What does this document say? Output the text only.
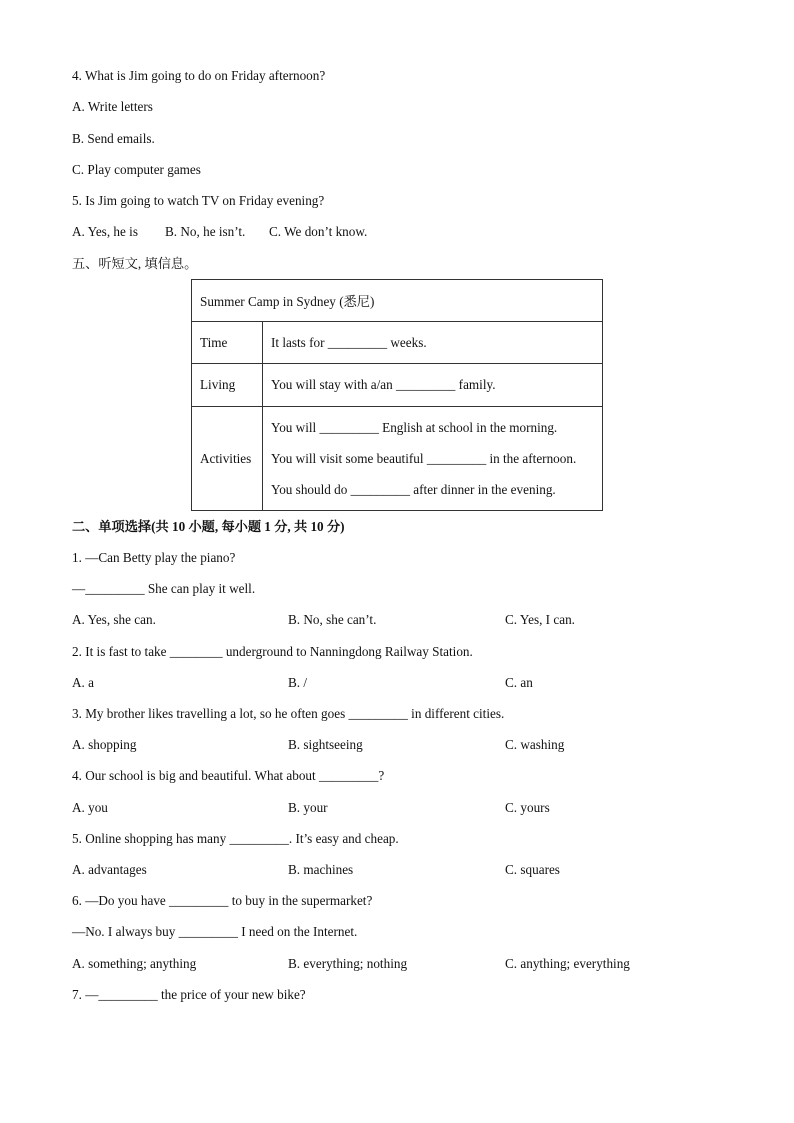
4. What is Jim going to do on Friday afternoon?
A. Write letters
B. Send emails.
C. Play computer games
5. Is Jim going to watch TV on Friday evening?
A. Yes, he is B. No, he isn’t. C. We don’t know.
五、听短文, 填信息。
Summer Camp in Sydney (悉尼)	
Time	It lasts for _________ weeks.
Living	You will stay with a/an _________ family.
Activities	You will _________ English at school in the morning.
You will visit some beautiful _________ in the afternoon.
You should do _________ after dinner in the evening.
二、单项选择(共 10 小题, 每小题 1 分, 共 10 分)
1. —Can Betty play the piano?
—_________ She can play it well.
A. Yes, she can.	B. No, she can’t.	C. Yes, I can.
2. It is fast to take ________ underground to Nanningdong Railway Station.
A. a	B. /	C. an
3. My brother likes travelling a lot, so he often goes _________ in different cities.
A. shopping	B. sightseeing	C. washing
4. Our school is big and beautiful. What about _________?
A. you	B. your	C. yours
5. Online shopping has many _________. It’s easy and cheap.
A. advantages	B. machines	C. squares
6. —Do you have _________ to buy in the supermarket?
—No. I always buy _________ I need on the Internet.
A. something; anything	B. everything; nothing	C. anything; everything
7. —_________ the price of your new bike?
